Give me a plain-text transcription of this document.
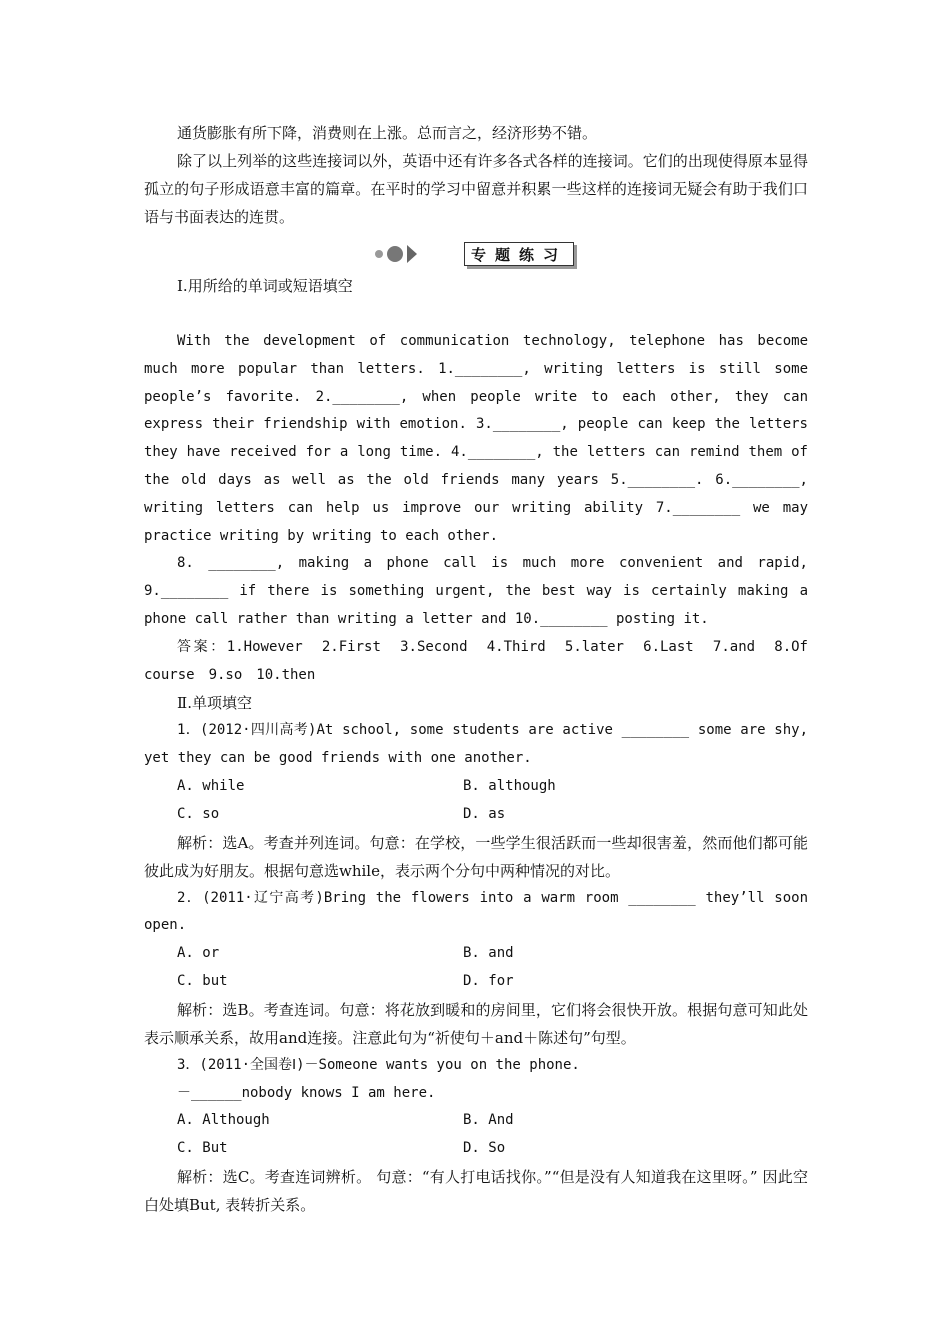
通货膨胀有所下降，消费则在上涨。总而言之，经济形势不错。

除了以上列举的这些连接词以外，英语中还有许多各式各样的连接词。它们的出现使得原本显得孤立的句子形成语意丰富的篇章。在平时的学习中留意并积累一些这样的连接词无疑会有助于我们口语与书面表达的连贯。

专题练习

Ⅰ.用所给的单词或短语填空

With the development of communication technology, telephone has become much more popular than letters. 1.________, writing letters is still some people’s favorite. 2.________, when people write to each other, they can express their friendship with emotion. 3.________, people can keep the letters they have received for a long time. 4.________, the letters can remind them of the old days as well as the old friends many years 5.________. 6.________, writing letters can help us improve our writing ability 7.________ we may practice writing by writing to each other.

8. ________, making a phone call is much more convenient and rapid, 9.________ if there is something urgent, the best way is certainly making a phone call rather than writing a letter and 10.________ posting it.

答案：1.However　2.First　3.Second　4.Third　5.later　6.Last　7.and　8.Of course　9.so　10.then

Ⅱ.单项填空

1．(2012·四川高考)At school, some students are active ________ some are shy, yet they can be good friends with one another.

A. while	B. although
C. so	D. as

解析：选A。考查并列连词。句意：在学校，一些学生很活跃而一些却很害羞，然而他们都可能彼此成为好朋友。根据句意选while，表示两个分句中两种情况的对比。

2．(2011·辽宁高考)Bring the flowers into a warm room ________ they’ll soon open.

A. or	B. and
C. but	D. for

解析：选B。考查连词。句意：将花放到暖和的房间里，它们将会很快开放。根据句意可知此处表示顺承关系，故用and连接。注意此句为“祈使句＋and＋陈述句”句型。

3．(2011·全国卷Ⅰ)－Someone wants you on the phone.

－______nobody knows I am here.

A. Although	B. And
C. But	D. So

解析：选C。考查连词辨析。 句意：“有人打电话找你。”“但是没有人知道我在这里呀。” 因此空白处填But, 表转折关系。
